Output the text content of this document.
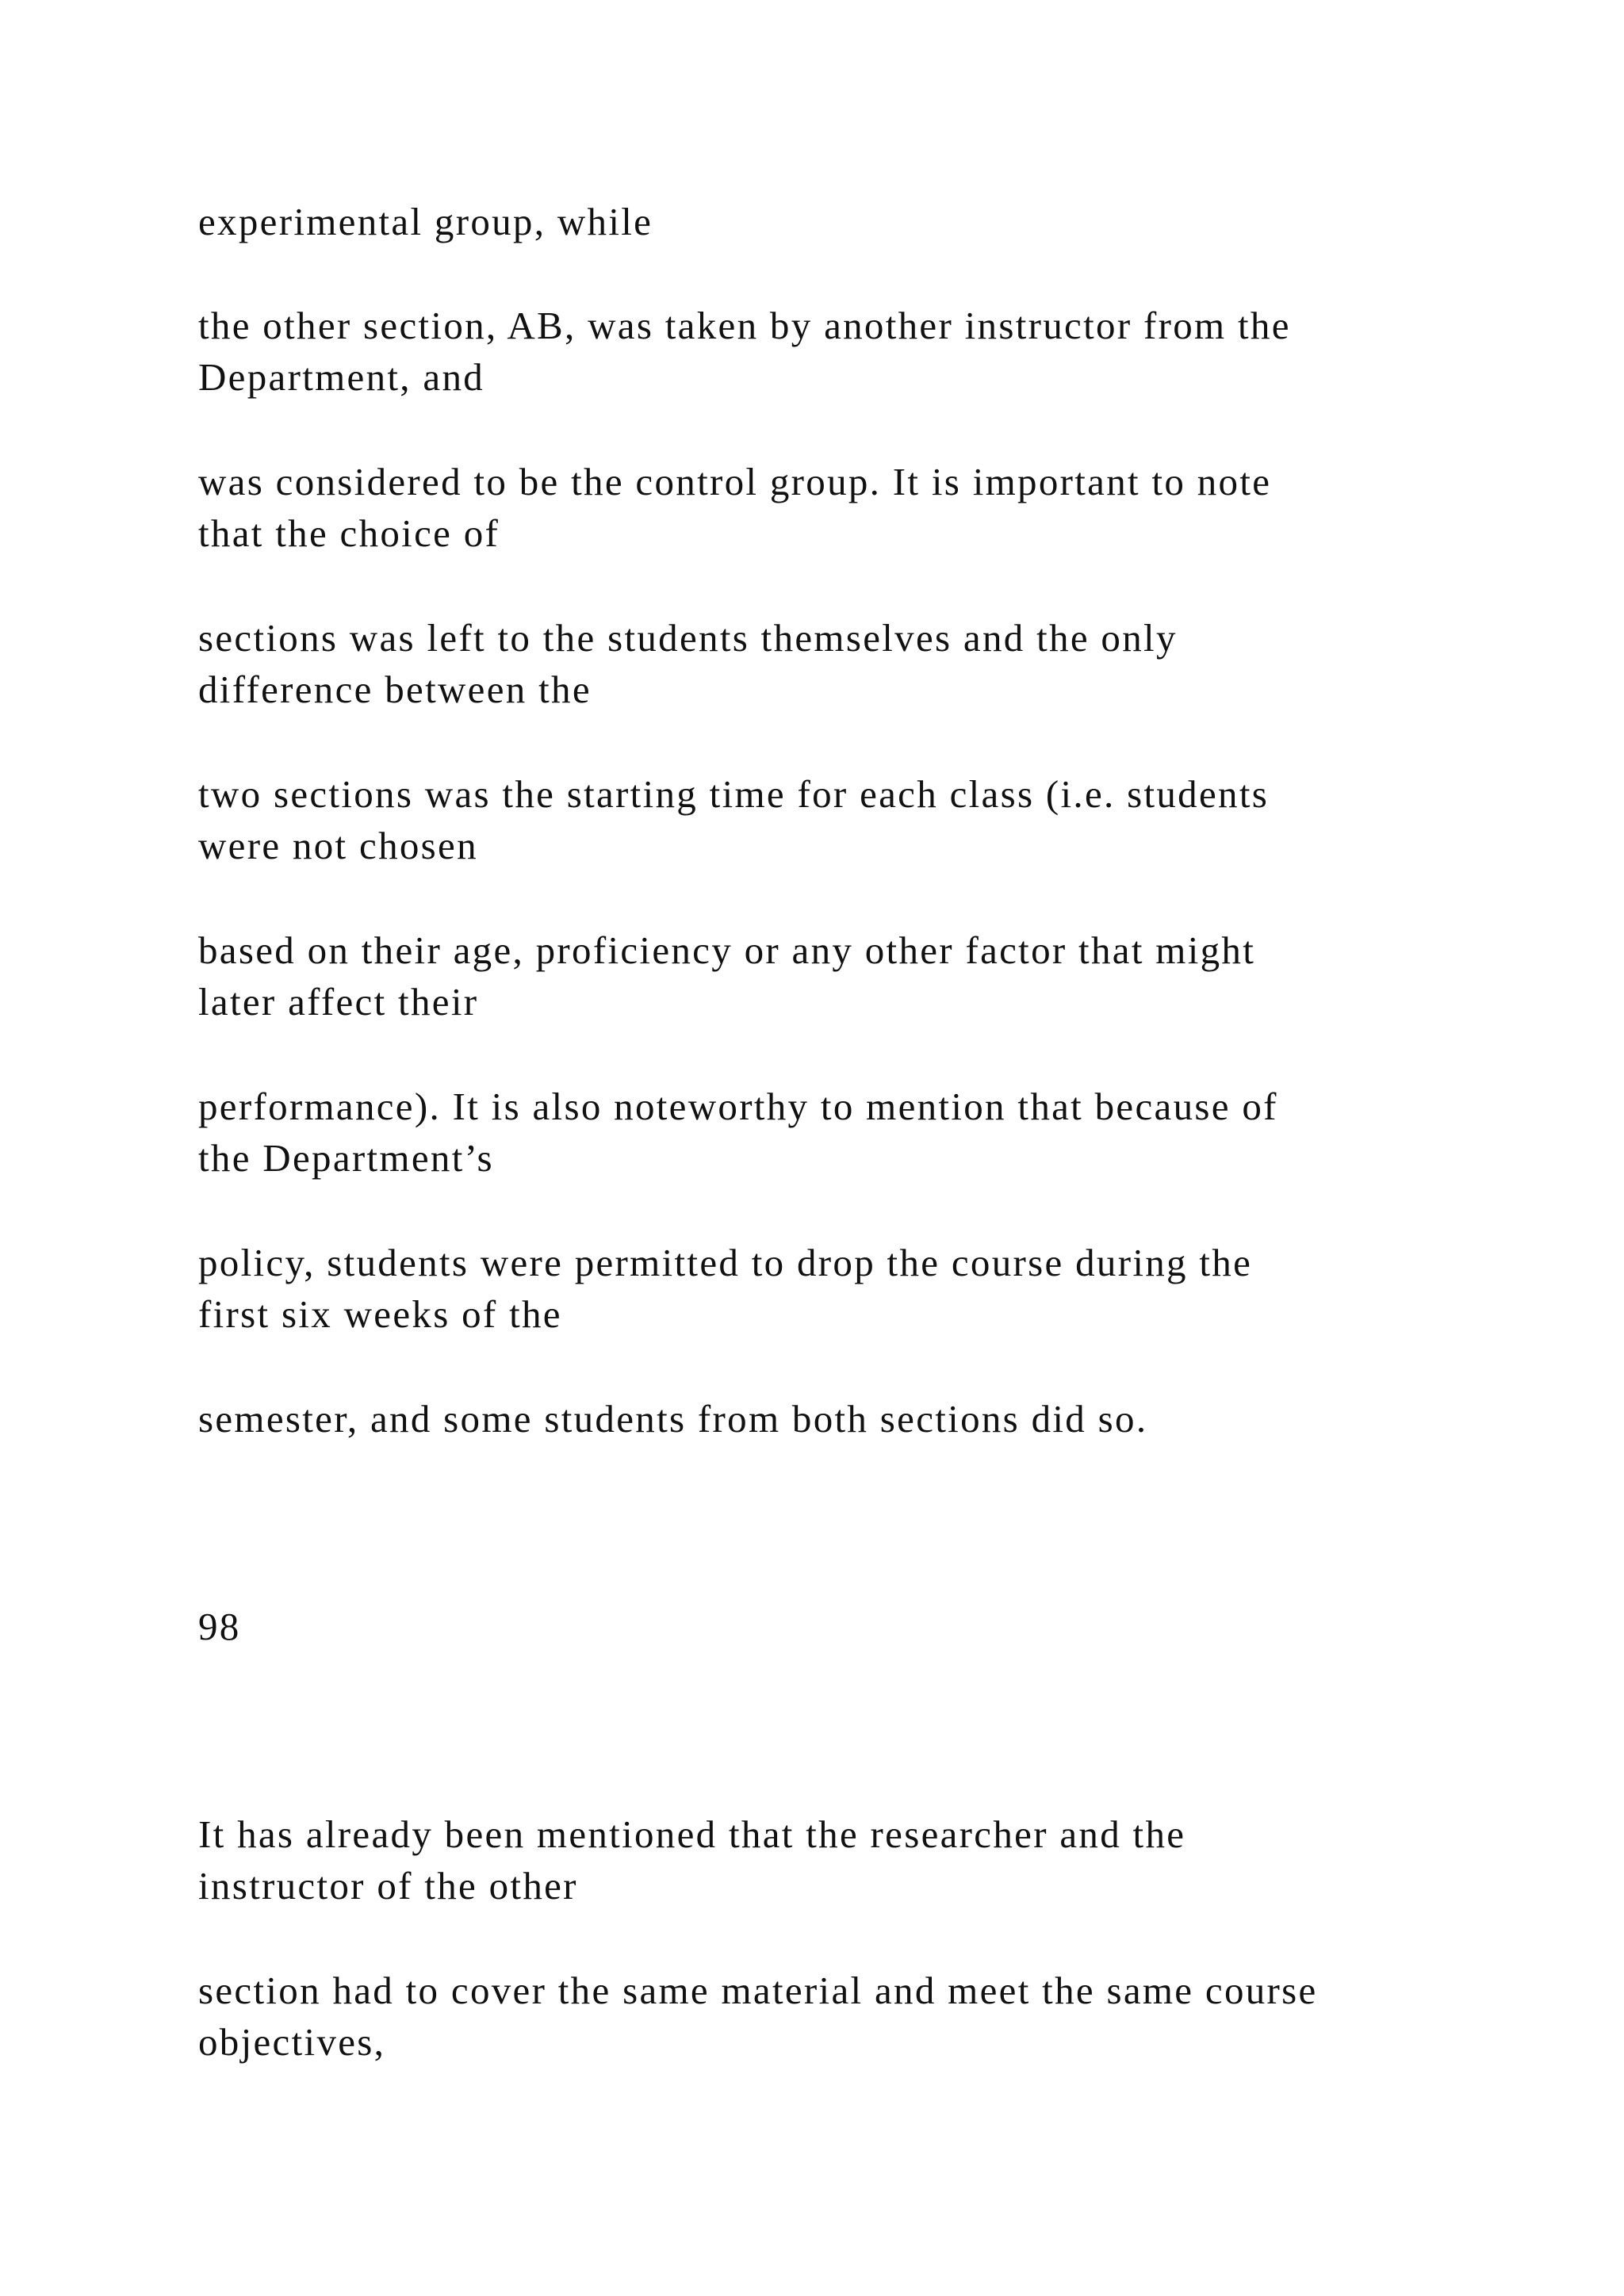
experimental group, while
the other section, AB, was taken by another instructor from the
Department, and
was considered to be the control group. It is important to note
that the choice of
sections was left to the students themselves and the only
difference between the
two sections was the starting time for each class (i.e. students
were not chosen
based on their age, proficiency or any other factor that might
later affect their
performance). It is also noteworthy to mention that because of
the Department’s
policy, students were permitted to drop the course during the
first six weeks of the
semester, and some students from both sections did so.
98
It has already been mentioned that the researcher and the
instructor of the other
section had to cover the same material and meet the same course
objectives,
